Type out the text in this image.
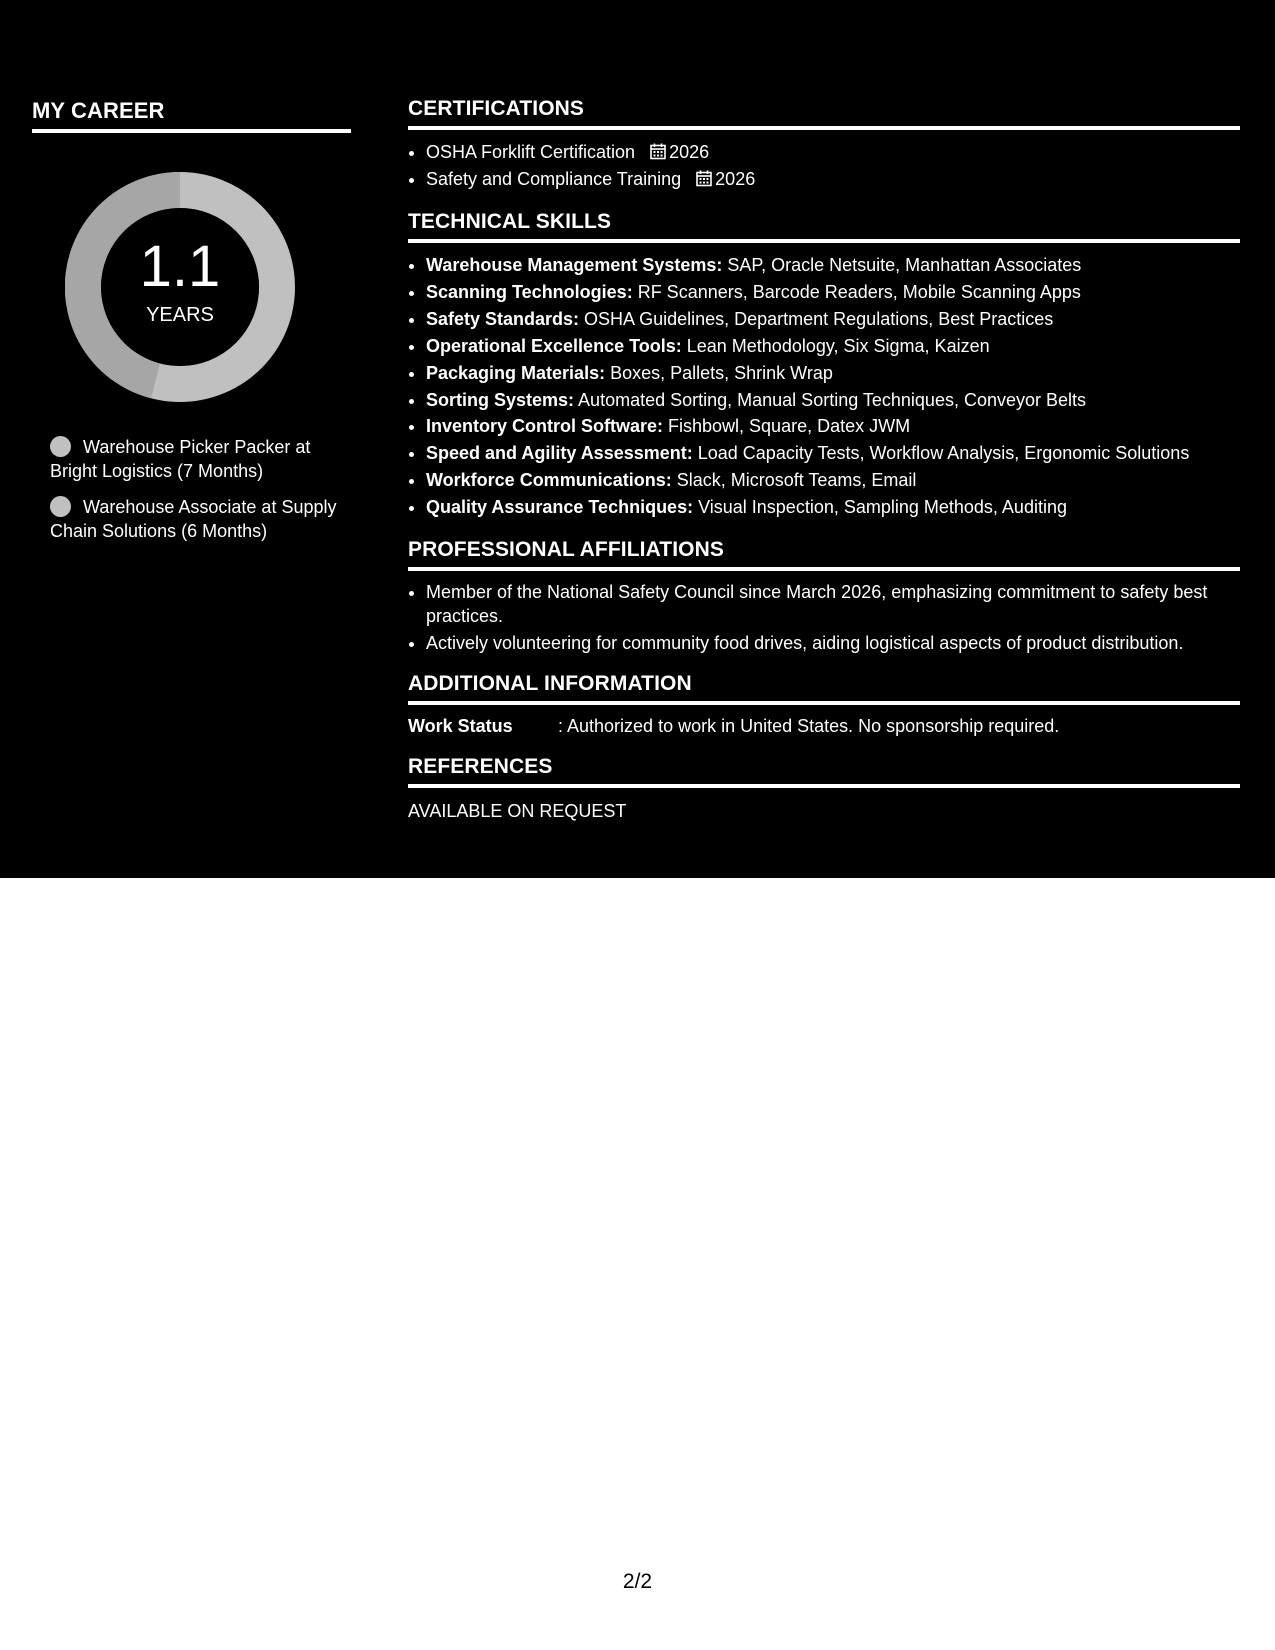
MY CAREER
1.1
YEARS
Warehouse Picker Packer at Bright Logistics (7 Months)
Warehouse Associate at Supply Chain Solutions (6 Months)
CERTIFICATIONS
• OSHA Forklift Certification 2026
• Safety and Compliance Training 2026
TECHNICAL SKILLS
• Warehouse Management Systems: SAP, Oracle Netsuite, Manhattan Associates
• Scanning Technologies: RF Scanners, Barcode Readers, Mobile Scanning Apps
• Safety Standards: OSHA Guidelines, Department Regulations, Best Practices
• Operational Excellence Tools: Lean Methodology, Six Sigma, Kaizen
• Packaging Materials: Boxes, Pallets, Shrink Wrap
• Sorting Systems: Automated Sorting, Manual Sorting Techniques, Conveyor Belts
• Inventory Control Software: Fishbowl, Square, Datex JWM
• Speed and Agility Assessment: Load Capacity Tests, Workflow Analysis, Ergonomic Solutions
• Workforce Communications: Slack, Microsoft Teams, Email
• Quality Assurance Techniques: Visual Inspection, Sampling Methods, Auditing
PROFESSIONAL AFFILIATIONS
• Member of the National Safety Council since March 2026, emphasizing commitment to safety best practices.
• Actively volunteering for community food drives, aiding logistical aspects of product distribution.
ADDITIONAL INFORMATION
Work Status	: Authorized to work in United States. No sponsorship required.
REFERENCES
AVAILABLE ON REQUEST
2/2
